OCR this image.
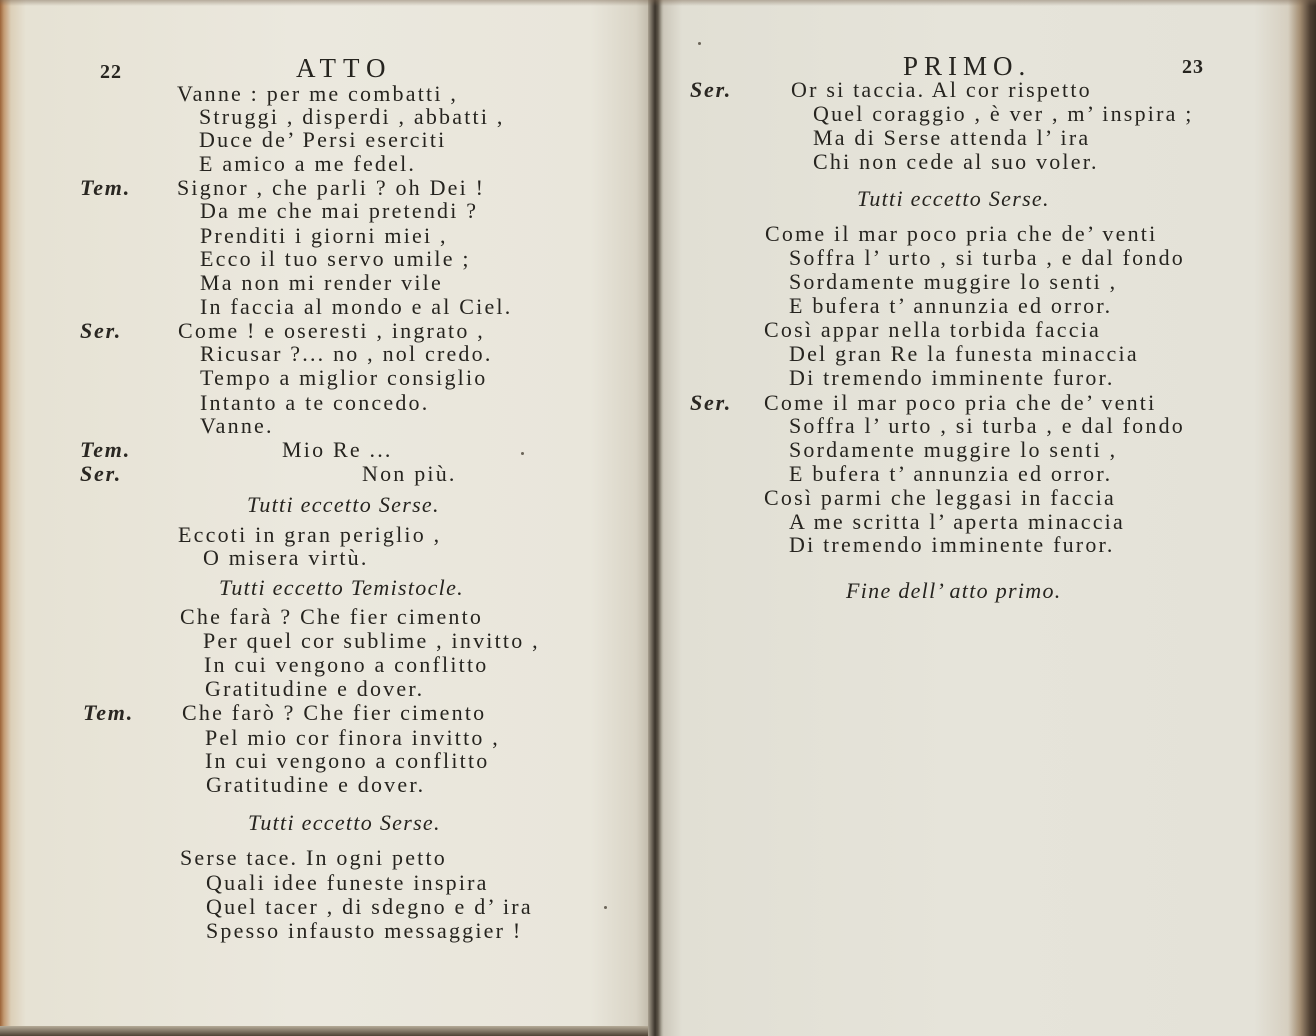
22	ATTO
Vanne : per me combatti ,
Struggi , disperdi , abbatti ,
Duce de’ Persi eserciti
E amico a me fedel.
Tem. Signor , che parli ? oh Dei !
Da me che mai pretendi ?
Prenditi i giorni miei ,
Ecco il tuo servo umile ;
Ma non mi render vile
In faccia al mondo e al Ciel.
Ser.	Come ! e oseresti , ingrato ,
Ricusar ?... no , nol credo.
Tempo a miglior consiglio
Intanto a te concedo.
Vanne.
Tem.	Mio Re ...
Ser.	Non più.
Tutti eccetto Serse.
Eccoti in gran periglio ,
O misera virtù.
Tutti eccetto Temistocle.
Che farà ? Che fier cimento
Per quel cor sublime , invitto ,
In cui vengono a conflitto
Gratitudine e dover.
Tem. Che farò ? Che fier cimento
Pel mio cor finora invitto ,
In cui vengono a conflitto
Gratitudine e dover.
Tutti eccetto Serse.
Serse tace. In ogni petto
Quali idee funeste inspira
Quel tacer , di sdegno e d’ ira
Spesso infausto messaggier !
PRIMO.	23
Ser.	Or si taccia. Al cor rispetto
Quel coraggio , è ver , m’ inspira ;
Ma di Serse attenda l’ ira
Chi non cede al suo voler.
Tutti eccetto Serse.
Come il mar poco pria che de’ venti
Soffra l’ urto , si turba , e dal fondo
Sordamente muggire lo senti ,
E bufera t’ annunzia ed orror.
Così appar nella torbida faccia
Del gran Re la funesta minaccia
Di tremendo imminente furor.
Ser. Come il mar poco pria che de’ venti
Soffra l’ urto , si turba , e dal fondo
Sordamente muggire lo senti ,
E bufera t’ annunzia ed orror.
Così parmi che leggasi in faccia
A me scritta l’ aperta minaccia
Di tremendo imminente furor.
Fine dell’ atto primo.
